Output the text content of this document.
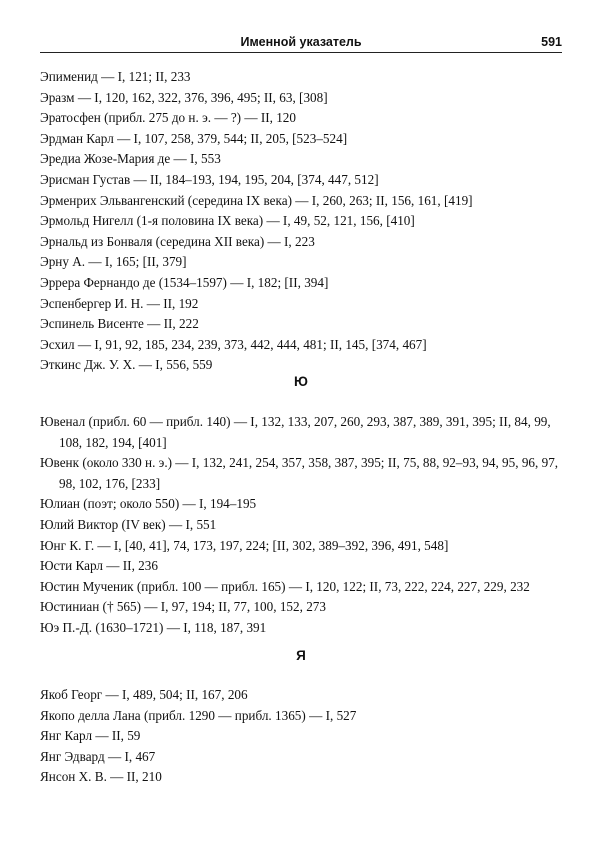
Именной указатель	591

Эпименид — I, 121; II, 233

Эразм — I, 120, 162, 322, 376, 396, 495; II, 63, [308]

Эратосфен (прибл. 275 до н. э. — ?) — II, 120

Эрдман Карл — I, 107, 258, 379, 544; II, 205, [523–524]

Эредиа Жозе-Мария де — I, 553

Эрисман Густав — II, 184–193, 194, 195, 204, [374, 447, 512]

Эрменрих Эльвангенский (середина IX века) — I, 260, 263; II, 156, 161, [419]

Эрмольд Нигелл (1-я половина IX века) — I, 49, 52, 121, 156, [410]

Эрнальд из Бонваля (середина XII века) — I, 223

Эрну А. — I, 165; [II, 379]

Эррера Фернандо де (1534–1597) — I, 182; [II, 394]

Эспенбергер И. Н. — II, 192

Эспинель Висенте — II, 222

Эсхил — I, 91, 92, 185, 234, 239, 373, 442, 444, 481; II, 145, [374, 467]

Эткинс Дж. У. Х. — I, 556, 559

Ю

Ювенал (прибл. 60 — прибл. 140) — I, 132, 133, 207, 260, 293, 387, 389, 391, 395; II, 84, 99, 108, 182, 194, [401]

Ювенк (около 330 н. э.) — I, 132, 241, 254, 357, 358, 387, 395; II, 75, 88, 92–93, 94, 95, 96, 97, 98, 102, 176, [233]

Юлиан (поэт; около 550) — I, 194–195

Юлий Виктор (IV век) — I, 551

Юнг К. Г. — I, [40, 41], 74, 173, 197, 224; [II, 302, 389–392, 396, 491, 548]

Юсти Карл — II, 236

Юстин Мученик (прибл. 100 — прибл. 165) — I, 120, 122; II, 73, 222, 224, 227, 229, 232

Юстиниан († 565) — I, 97, 194; II, 77, 100, 152, 273

Юэ П.-Д. (1630–1721) — I, 118, 187, 391

Я

Якоб Георг — I, 489, 504; II, 167, 206

Якопо делла Лана (прибл. 1290 — прибл. 1365) — I, 527

Янг Карл — II, 59

Янг Эдвард — I, 467

Янсон Х. В. — II, 210
